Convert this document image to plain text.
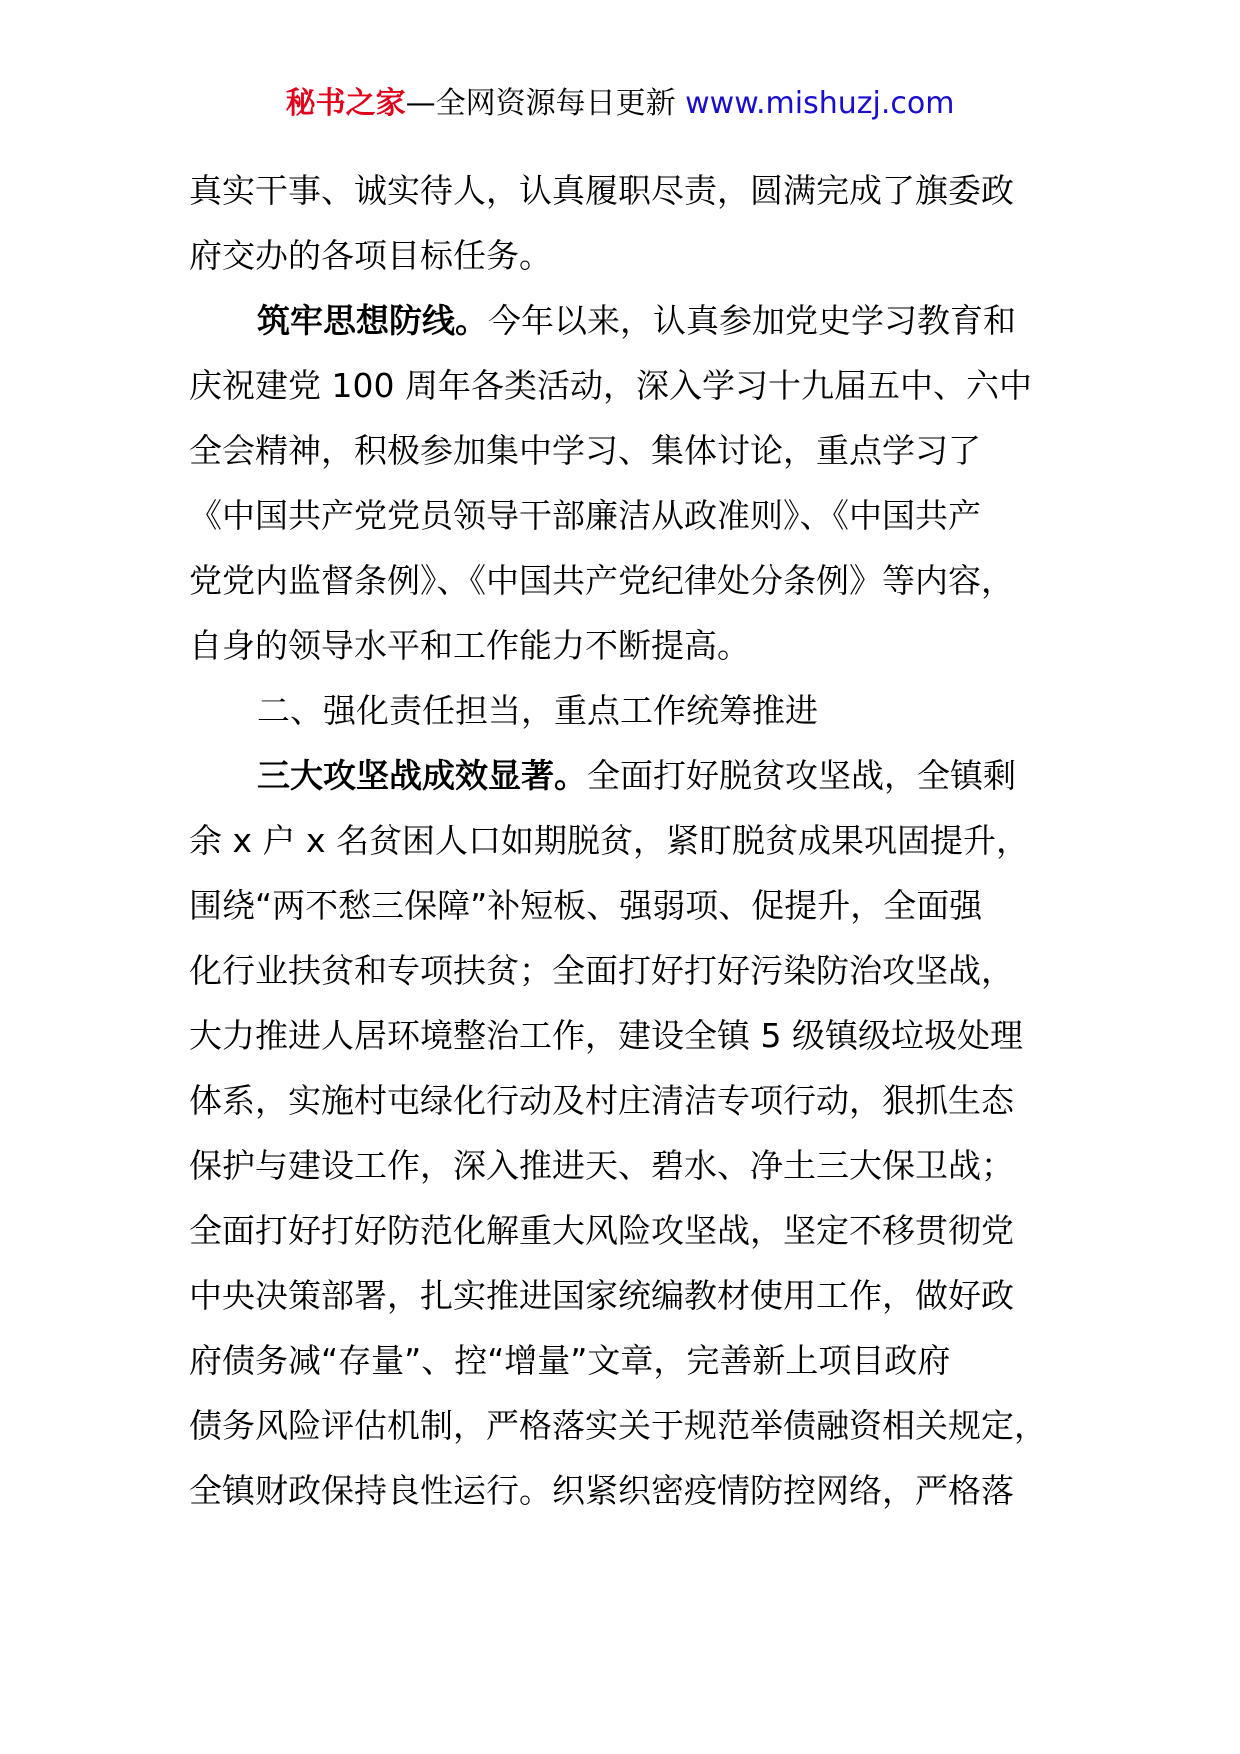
秘书之家—全网资源每日更新 www.mishuzj.com
真实干事、诚实待人，认真履职尽责，圆满完成了旗委政
府交办的各项目标任务。
筑牢思想防线。今年以来，认真参加党史学习教育和
庆祝建党 100 周年各类活动，深入学习十九届五中、六中
全会精神，积极参加集中学习、集体讨论，重点学习了
《中国共产党党员领导干部廉洁从政准则》、《中国共产
党党内监督条例》、《中国共产党纪律处分条例》等内容，
自身的领导水平和工作能力不断提高。
二、强化责任担当，重点工作统筹推进
三大攻坚战成效显著。全面打好脱贫攻坚战，全镇剩
余 x 户 x 名贫困人口如期脱贫，紧盯脱贫成果巩固提升，
围绕“两不愁三保障”补短板、强弱项、促提升，全面强
化行业扶贫和专项扶贫；全面打好打好污染防治攻坚战，
大力推进人居环境整治工作，建设全镇 5 级镇级垃圾处理
体系，实施村屯绿化行动及村庄清洁专项行动，狠抓生态
保护与建设工作，深入推进天、碧水、净土三大保卫战；
全面打好打好防范化解重大风险攻坚战，坚定不移贯彻党
中央决策部署，扎实推进国家统编教材使用工作，做好政
府债务减“存量”、控“增量”文章，完善新上项目政府
债务风险评估机制，严格落实关于规范举债融资相关规定，
全镇财政保持良性运行。织紧织密疫情防控网络，严格落
